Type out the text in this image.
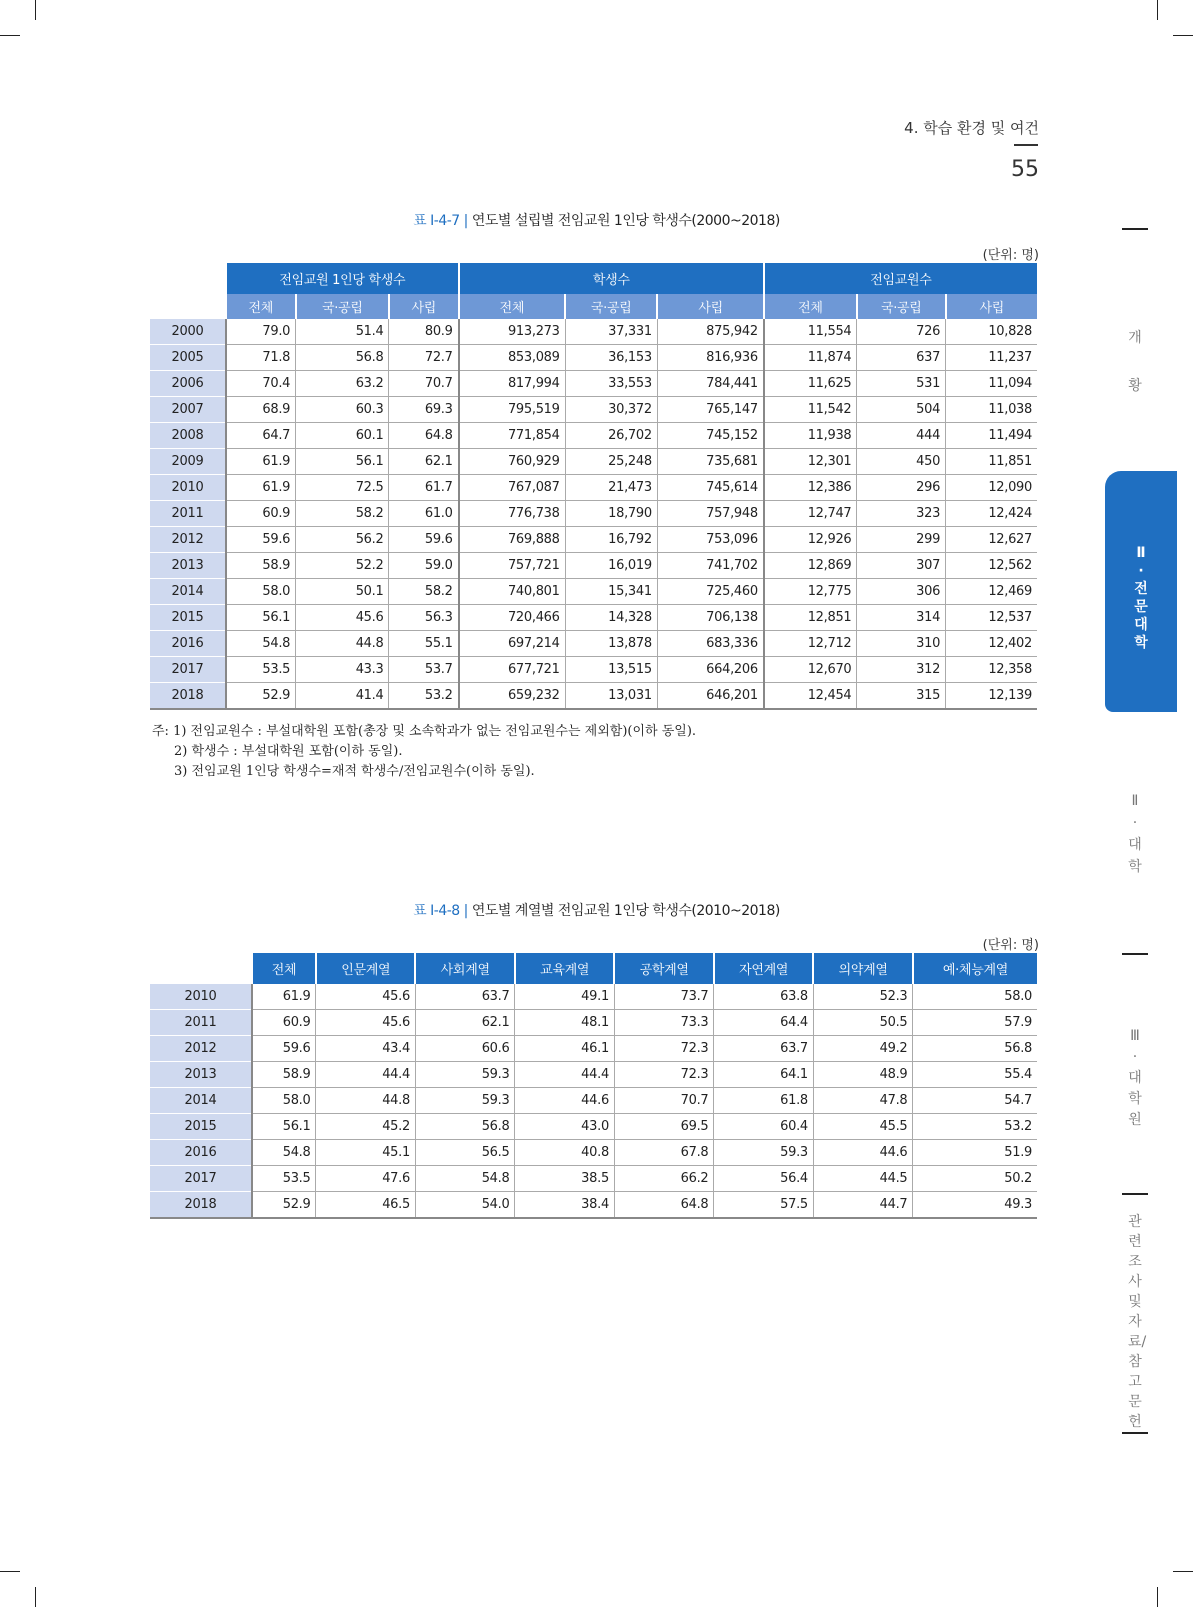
4. 학습 환경 및 여건
55
표 Ⅰ-4-7 | 연도별 설립별 전임교원 1인당 학생수(2000~2018)
(단위: 명)
	전임교원 1인당 학생수			학생수			전임교원수		
	전체	국·공립	사립	전체	국·공립	사립	전체	국·공립	사립
2000	79.0	51.4	80.9	913,273	37,331	875,942	11,554	726	10,828
2005	71.8	56.8	72.7	853,089	36,153	816,936	11,874	637	11,237
2006	70.4	63.2	70.7	817,994	33,553	784,441	11,625	531	11,094
2007	68.9	60.3	69.3	795,519	30,372	765,147	11,542	504	11,038
2008	64.7	60.1	64.8	771,854	26,702	745,152	11,938	444	11,494
2009	61.9	56.1	62.1	760,929	25,248	735,681	12,301	450	11,851
2010	61.9	72.5	61.7	767,087	21,473	745,614	12,386	296	12,090
2011	60.9	58.2	61.0	776,738	18,790	757,948	12,747	323	12,424
2012	59.6	56.2	59.6	769,888	16,792	753,096	12,926	299	12,627
2013	58.9	52.2	59.0	757,721	16,019	741,702	12,869	307	12,562
2014	58.0	50.1	58.2	740,801	15,341	725,460	12,775	306	12,469
2015	56.1	45.6	56.3	720,466	14,328	706,138	12,851	314	12,537
2016	54.8	44.8	55.1	697,214	13,878	683,336	12,712	310	12,402
2017	53.5	43.3	53.7	677,721	13,515	664,206	12,670	312	12,358
2018	52.9	41.4	53.2	659,232	13,031	646,201	12,454	315	12,139
주: 1) 전임교원수 : 부설대학원 포함(총장 및 소속학과가 없는 전임교원수는 제외함)(이하 동일).
2) 학생수 : 부설대학원 포함(이하 동일).
3) 전임교원 1인당 학생수=재적 학생수/전임교원수(이하 동일).
표 Ⅰ-4-8 | 연도별 계열별 전임교원 1인당 학생수(2010~2018)
(단위: 명)
	전체	인문계열	사회계열	교육계열	공학계열	자연계열	의약계열	예·체능계열
2010	61.9	45.6	63.7	49.1	73.7	63.8	52.3	58.0
2011	60.9	45.6	62.1	48.1	73.3	64.4	50.5	57.9
2012	59.6	43.4	60.6	46.1	72.3	63.7	49.2	56.8
2013	58.9	44.4	59.3	44.4	72.3	64.1	48.9	55.4
2014	58.0	44.8	59.3	44.6	70.7	61.8	47.8	54.7
2015	56.1	45.2	56.8	43.0	69.5	60.4	45.5	53.2
2016	54.8	45.1	56.5	40.8	67.8	59.3	44.6	51.9
2017	53.5	47.6	54.8	38.5	66.2	56.4	44.5	50.2
2018	52.9	46.5	54.0	38.4	64.8	57.5	44.7	49.3
개 황
Ⅱ · 전문대학
Ⅱ · 대 학
Ⅲ · 대학원
관련조사 및 자료/참고문헌
